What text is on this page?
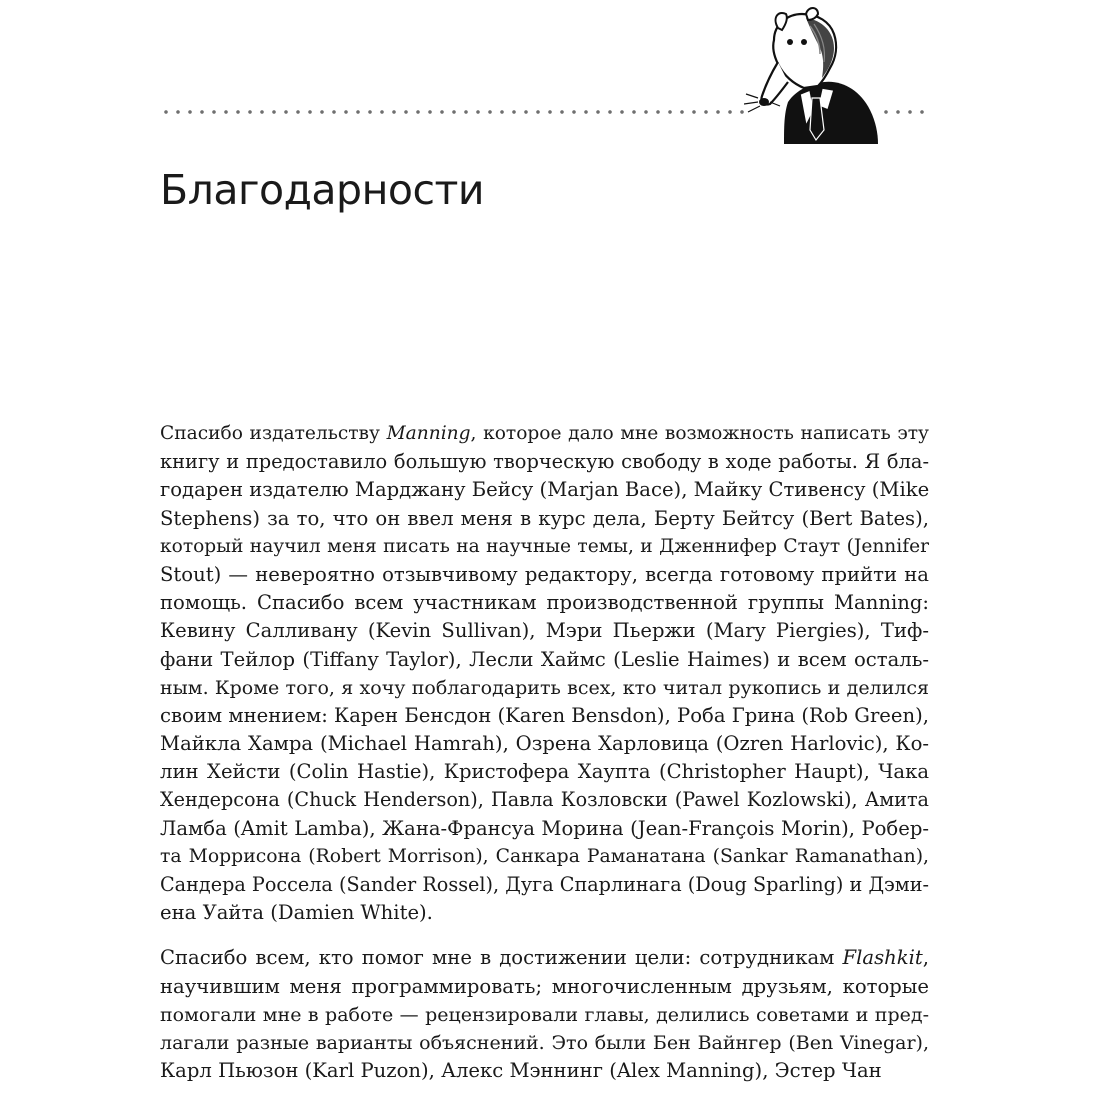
Благодарности
Спасибо издательству Manning, которое дало мне возможность написать эту
книгу и предоставило большую творческую свободу в ходе работы. Я бла-
годарен издателю Марджану Бейсу (Marjan Bace), Майку Стивенсу (Mike
Stephens) за то, что он ввел меня в курс дела, Берту Бейтсу (Bert Bates),
который научил меня писать на научные темы, и Дженнифер Стаут (Jennifer
Stout) — невероятно отзывчивому редактору, всегда готовому прийти на
помощь. Спасибо всем участникам производственной группы Manning:
Кевину Салливану (Kevin Sullivan), Мэри Пьержи (Mary Piergies), Тиф-
фани Тейлор (Tiffany Taylor), Лесли Хаймс (Leslie Haimes) и всем осталь-
ным. Кроме того, я хочу поблагодарить всех, кто читал рукопись и делился
своим мнением: Карен Бенсдон (Karen Bensdon), Роба Грина (Rob Green),
Майкла Хамра (Michael Hamrah), Озрена Харловица (Ozren Harlovic), Ко-
лин Хейсти (Colin Hastie), Кристофера Хаупта (Christopher Haupt), Чака
Хендерсона (Chuck Henderson), Павла Козловски (Pawel Kozlowski), Амита
Ламба (Amit Lamba), Жана-Франсуа Морина (Jean-François Morin), Робер-
та Моррисона (Robert Morrison), Санкара Раманатана (Sankar Ramanathan),
Сандера Россела (Sander Rossel), Дуга Спарлинага (Doug Sparling) и Дэми-
ена Уайта (Damien White).
Спасибо всем, кто помог мне в достижении цели: сотрудникам Flashkit,
научившим меня программировать; многочисленным друзьям, которые
помогали мне в работе — рецензировали главы, делились советами и пред-
лагали разные варианты объяснений. Это были Бен Вайнгер (Ben Vinegar),
Карл Пьюзон (Karl Puzon), Алекс Мэннинг (Alex Manning), Эстер Чан
